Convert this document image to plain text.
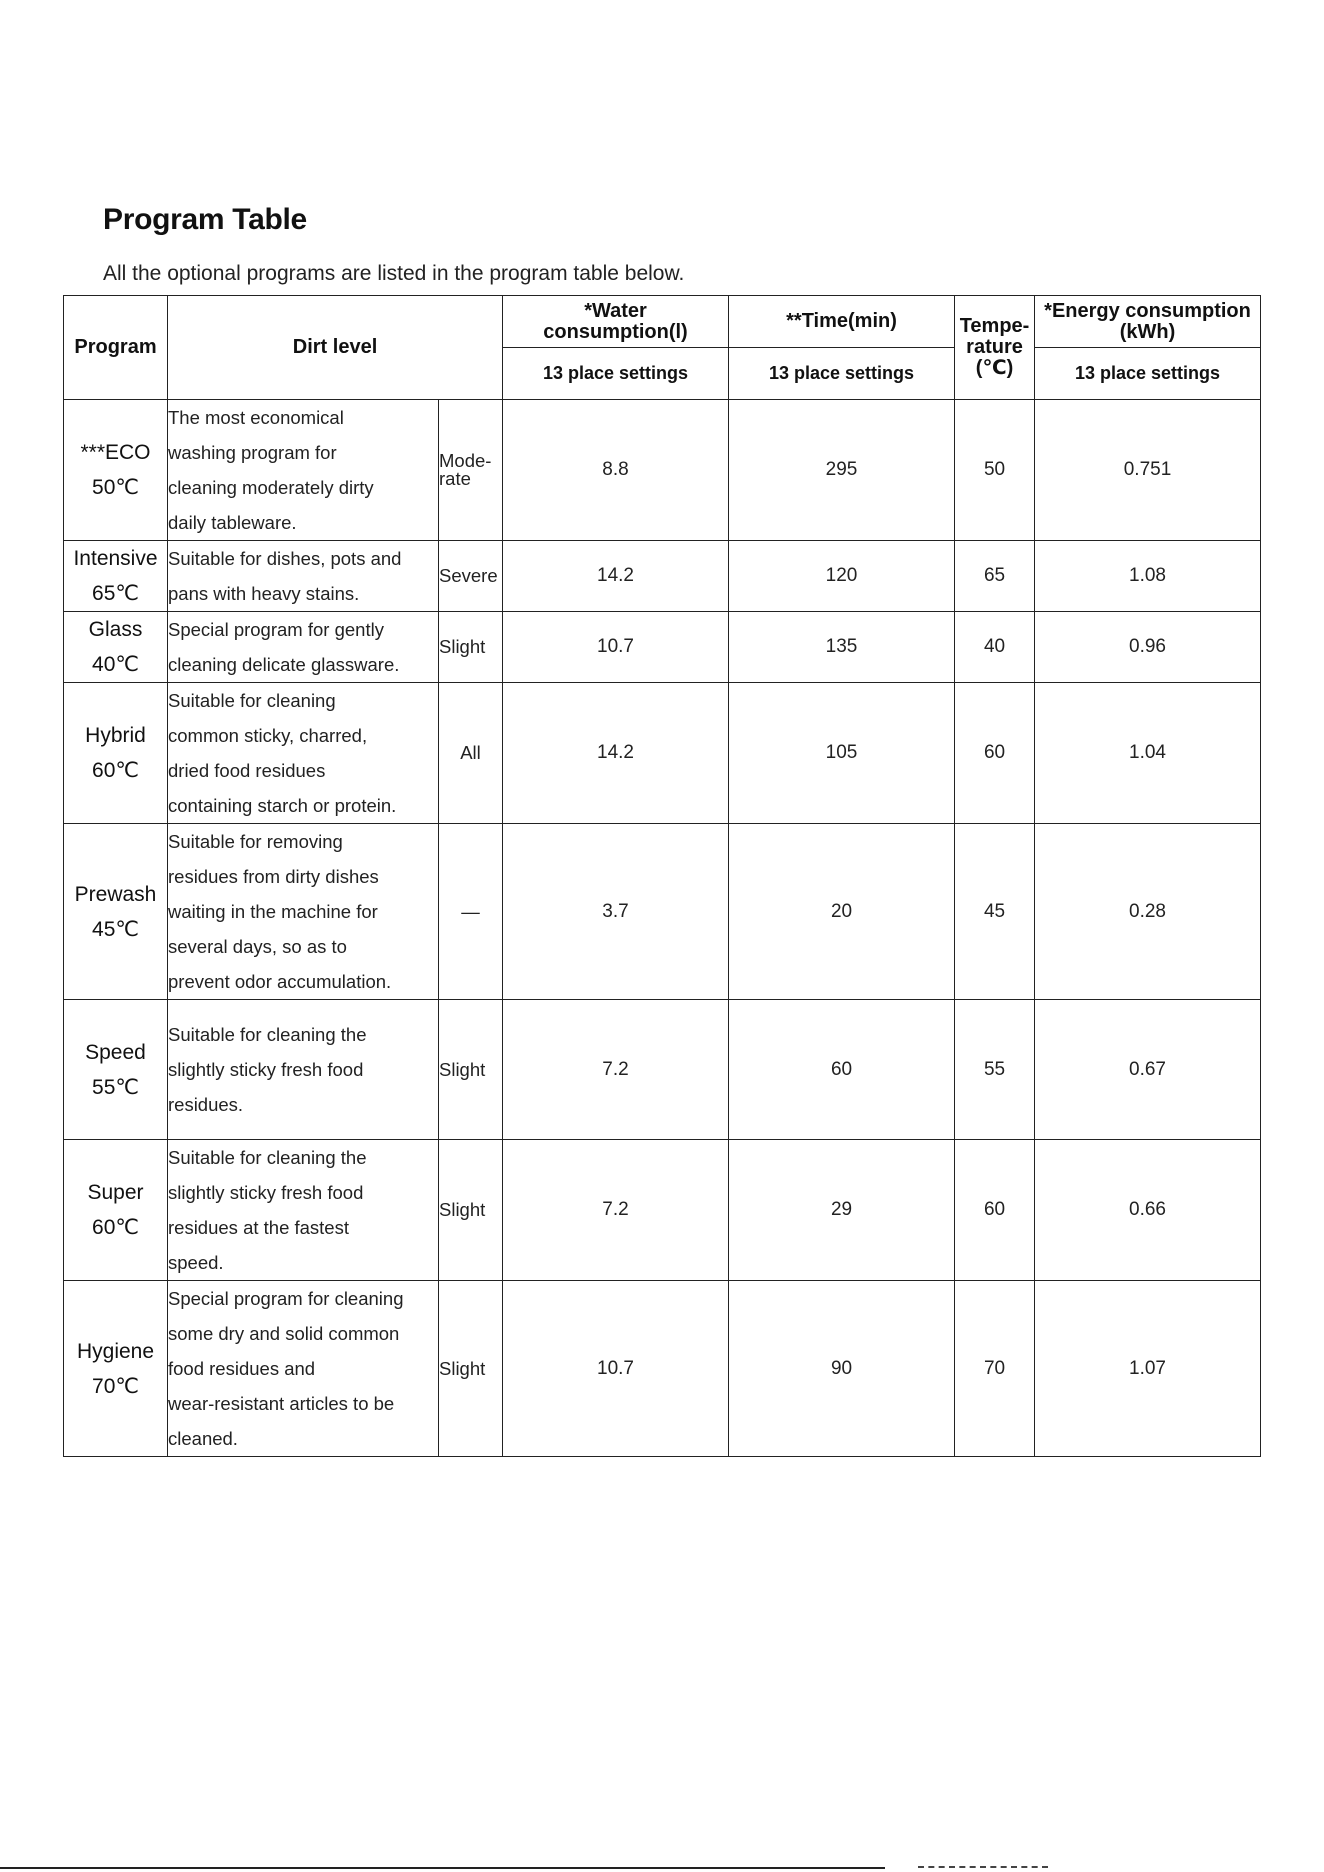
Program Table
All the optional programs are listed in the program table below.
Program	Dirt level		*Water
consumption(l)	**Time(min)	Tempe-
rature
(℃)	*Energy consumption
(kWh)

			13 place settings	13 place settings		13 place settings

***ECO
50℃	The most economical
washing program for
cleaning moderately dirty
daily tableware.	Mode-
rate	8.8	295	50	0.751

Intensive
65℃	Suitable for dishes, pots and
pans with heavy stains.	Severe	14.2	120	65	1.08

Glass
40℃	Special program for gently
cleaning delicate glassware.	Slight	10.7	135	40	0.96

Hybrid
60℃	Suitable for cleaning
common sticky, charred,
dried food residues
containing starch or protein.	All	14.2	105	60	1.04

Prewash
45℃	Suitable for removing
residues from dirty dishes
waiting in the machine for
several days, so as to
prevent odor accumulation.	—	3.7	20	45	0.28

Speed
55℃	Suitable for cleaning the
slightly sticky fresh food
residues.	Slight	7.2	60	55	0.67

Super
60℃	Suitable for cleaning the
slightly sticky fresh food
residues at the fastest
speed.	Slight	7.2	29	60	0.66

Hygiene
70℃	Special program for cleaning
some dry and solid common
food residues and
wear-resistant articles to be
cleaned.	Slight	10.7	90	70	1.07
